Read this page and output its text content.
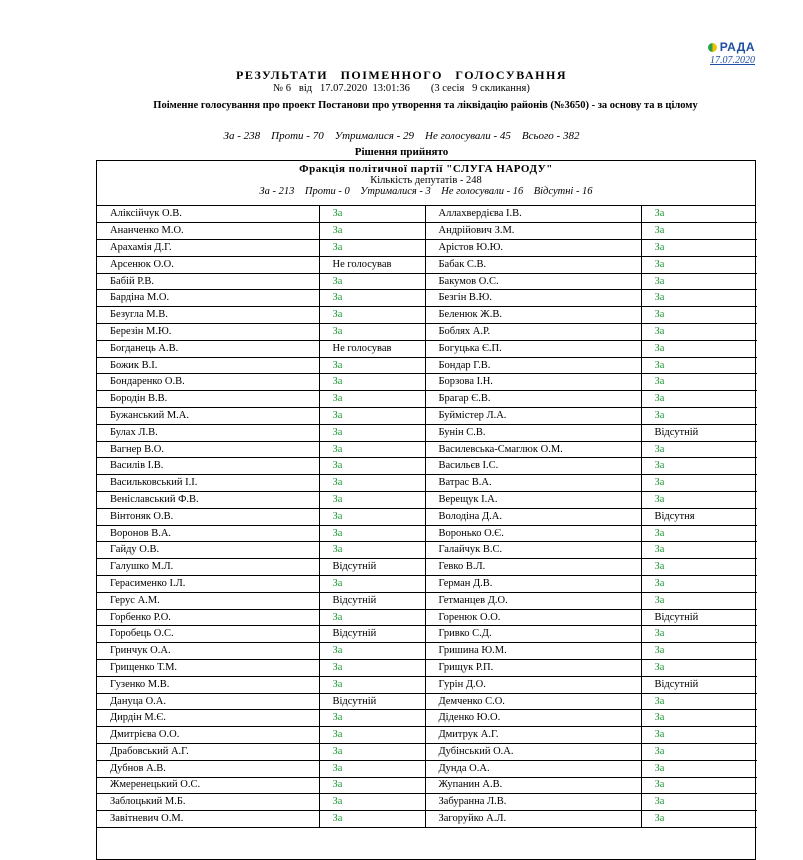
РАДА
17.07.2020
РЕЗУЛЬТАТИ ПОІМЕННОГО ГОЛОСУВАННЯ
№ 6   від   17.07.2020  13:01:36        (3 сесія   9 скликання)
Поіменне голосування про проект Постанови про утворення та ліквідацію районів (№3650) - за основу та в цілому
За - 238    Проти - 70    Утрималися - 29    Не голосували - 45    Всього - 382
Рішення прийнято
Фракція політичної партії "СЛУГА НАРОДУ"
Кількість депутатів - 248
За - 213    Проти - 0    Утрималися - 3    Не голосували - 16    Відсутні - 16
Аліксійчук О.В.	За	Аллахвердієва І.В.	За
Ананченко М.О.	За	Андрійович З.М.	За
Арахамія Д.Г.	За	Арістов Ю.Ю.	За
Арсенюк О.О.	Не голосував	Бабак С.В.	За
Бабій Р.В.	За	Бакумов О.С.	За
Бардіна М.О.	За	Безгін В.Ю.	За
Безугла М.В.	За	Беленюк Ж.В.	За
Березін М.Ю.	За	Боблях А.Р.	За
Богданець А.В.	Не голосував	Богуцька Є.П.	За
Божик В.І.	За	Бондар Г.В.	За
Бондаренко О.В.	За	Борзова І.Н.	За
Бородін В.В.	За	Брагар Є.В.	За
Бужанський М.А.	За	Буймістер Л.А.	За
Булах Л.В.	За	Бунін С.В.	Відсутній
Вагнер В.О.	За	Василевська-Смаглюк О.М.	За
Василів І.В.	За	Васильєв І.С.	За
Васильковський І.І.	За	Ватрас В.А.	За
Веніславський Ф.В.	За	Верещук І.А.	За
Вінтоняк О.В.	За	Володіна Д.А.	Відсутня
Воронов В.А.	За	Воронько О.Є.	За
Гайду О.В.	За	Галайчук В.С.	За
Галушко М.Л.	Відсутній	Гевко В.Л.	За
Герасименко І.Л.	За	Герман Д.В.	За
Герус А.М.	Відсутній	Гетманцев Д.О.	За
Горбенко Р.О.	За	Горенюк О.О.	Відсутній
Горобець О.С.	Відсутній	Гривко С.Д.	За
Гринчук О.А.	За	Гришина Ю.М.	За
Грищенко Т.М.	За	Грищук Р.П.	За
Гузенко М.В.	За	Гурін Д.О.	Відсутній
Дануца О.А.	Відсутній	Демченко С.О.	За
Дирдін М.Є.	За	Діденко Ю.О.	За
Дмитрієва О.О.	За	Дмитрук А.Г.	За
Драбовський А.Г.	За	Дубінський О.А.	За
Дубнов А.В.	За	Дунда О.А.	За
Жмеренецький О.С.	За	Жупанин А.В.	За
Заблоцький М.Б.	За	Забуранна Л.В.	За
Завітневич О.М.	За	Загоруйко А.Л.	За
